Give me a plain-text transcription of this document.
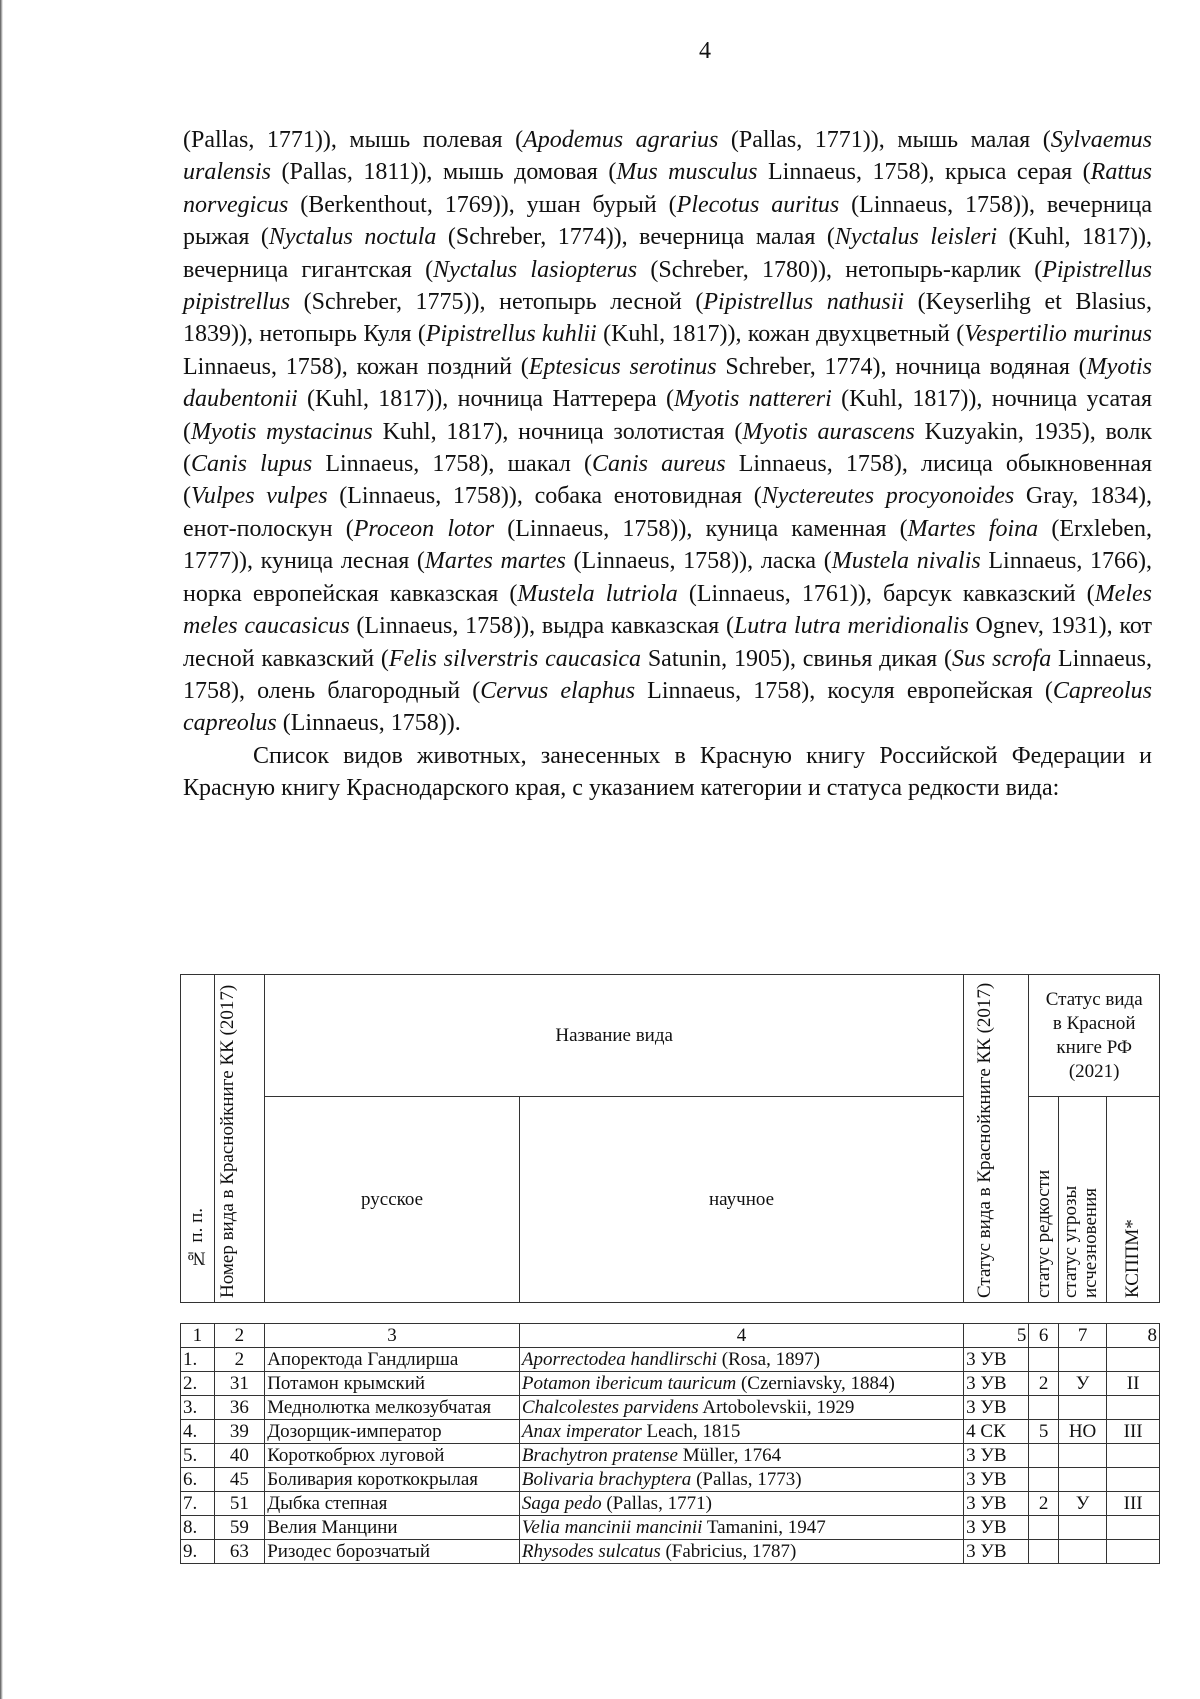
4

(Pallas, 1771)), мышь полевая (Apodemus agrarius (Pallas, 1771)), мышь малая (Sylvaemus uralensis (Pallas, 1811)), мышь домовая (Mus musculus Linnaeus, 1758), крыса серая (Rattus norvegicus (Berkenthout, 1769)), ушан бурый (Plecotus auritus (Linnaeus, 1758)), вечерница рыжая (Nyctalus noctula (Schreber, 1774)), вечерница малая (Nyctalus leisleri (Kuhl, 1817)), вечерница гигантская (Nyctalus lasiopterus (Schreber, 1780)), нетопырь-карлик (Pipistrellus pipistrellus (Schreber, 1775)), нетопырь лесной (Pipistrellus nathusii (Keyserlihg et Blasius, 1839)), нетопырь Куля (Pipistrellus kuhlii (Kuhl, 1817)), кожан двухцветный (Vespertilio murinus Linnaeus, 1758), кожан поздний (Eptesicus serotinus Schreber, 1774), ночница водяная (Myotis daubentonii (Kuhl, 1817)), ночница Наттерера (Myotis nattereri (Kuhl, 1817)), ночница усатая (Myotis mystacinus Kuhl, 1817), ночница золотистая (Myotis aurascens Kuzyakin, 1935), волк (Canis lupus Linnaeus, 1758), шакал (Canis aureus Linnaeus, 1758), лисица обыкновенная (Vulpes vulpes (Linnaeus, 1758)), собака енотовидная (Nyctereutes procyonoides Gray, 1834), енот-полоскун (Proceon lotor (Linnaeus, 1758)), куница каменная (Martes foina (Erxleben, 1777)), куница лесная (Martes martes (Linnaeus, 1758)), ласка (Mustela nivalis Linnaeus, 1766), норка европейская кавказская (Mustela lutriola (Linnaeus, 1761)), барсук кавказский (Meles meles caucasicus (Linnaeus, 1758)), выдра кавказская (Lutra lutra meridionalis Ognev, 1931), кот лесной кавказский (Felis silverstris caucasica Satunin, 1905), свинья дикая (Sus scrofa Linnaeus, 1758), олень благородный (Cervus elaphus Linnaeus, 1758), косуля европейская (Capreolus capreolus (Linnaeus, 1758)).

Список видов животных, занесенных в Красную книгу Российской Федерации и Красную книгу Краснодарского края, с указанием категории и статуса редкости вида:

№ п. п.	Номер вида в Краснойкниге КК (2017)	Название вида		Статус вида в Краснойкниге КК (2017)	Статус вида в Красной книге РФ (2021)		
		русское	научное		статус редкости	статус угрозы исчезновения	КСППМ*

1	2	3	4	5	6	7	8
1.	2	Апоректода Гандлирша	Aporrectodea handlirschi (Rosa, 1897)	3 УВ			
2.	31	Потамон крымский	Potamon ibericum tauricum (Czerniavsky, 1884)	3 УВ	2	У	II
3.	36	Меднолютка мелкозубчатая	Chalcolestes parvidens Artobolevskii, 1929	3 УВ			
4.	39	Дозорщик-император	Anax imperator Leach, 1815	4 СК	5	НО	III
5.	40	Короткобрюх луговой	Brachytron pratense Müller, 1764	3 УВ			
6.	45	Боливария короткокрылая	Bolivaria brachyptera (Pallas, 1773)	3 УВ			
7.	51	Дыбка степная	Saga pedo (Pallas, 1771)	3 УВ	2	У	III
8.	59	Велия Манцини	Velia mancinii mancinii Tamanini, 1947	3 УВ			
9.	63	Ризодес борозчатый	Rhysodes sulcatus (Fabricius, 1787)	3 УВ			
